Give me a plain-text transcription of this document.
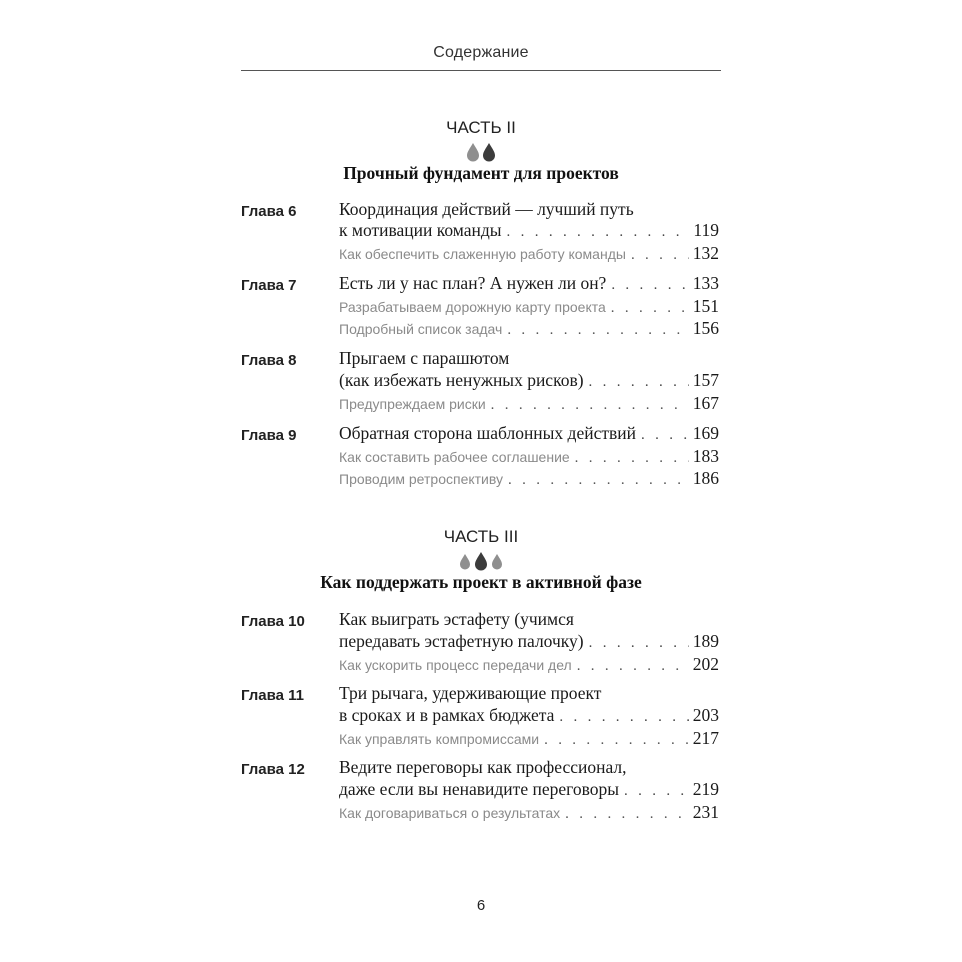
Содержание
ЧАСТЬ II
Прочный фундамент для проектов
Глава 6 Координация действий — лучший путь
к мотивации команды . . .	119
Как обеспечить слаженную работу команды . . .	132
Глава 7 Есть ли у нас план? А нужен ли он? . . .	133
Разрабатываем дорожную карту проекта . . .	151
Подробный список задач . . .	156
Глава 8 Прыгаем с парашютом
(как избежать ненужных рисков) . . .	157
Предупреждаем риски . . .	167
Глава 9 Обратная сторона шаблонных действий . . .	169
Как составить рабочее соглашение . . .	183
Проводим ретроспективу . . .	186
ЧАСТЬ III
Как поддержать проект в активной фазе
Глава 10 Как выиграть эстафету (учимся
передавать эстафетную палочку) . . .	189
Как ускорить процесс передачи дел . . .	202
Глава 11 Три рычага, удерживающие проект
в сроках и в рамках бюджета . . .	203
Как управлять компромиссами . . .	217
Глава 12 Ведите переговоры как профессионал,
даже если вы ненавидите переговоры . . .	219
Как договариваться о результатах . . .	231
6
